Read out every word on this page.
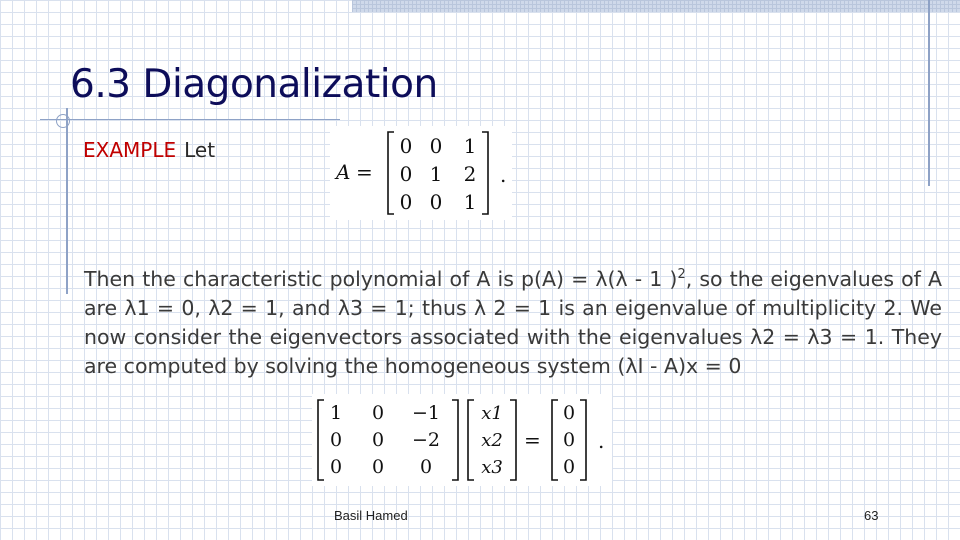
6.3 Diagonalization
EXAMPLE Let
A =
0 0 1
0 1 2
0 0 1
.

Then the characteristic polynomial of A is p(A) = λ(λ - 1 )$^2$, so the eigenvalues of A are λ1 = 0, λ2 = 1, and λ3 = 1; thus λ 2 = 1 is an eigenvalue of multiplicity 2. We now consider the eigenvectors associated with the eigenvalues λ2 = λ3 = 1. They are computed by solving the homogeneous system (λI - A)x = 0

1 0 −1
0 0 −2
0 0 0
x1
x2
x3
=
0
0
0
.
Basil Hamed	63
